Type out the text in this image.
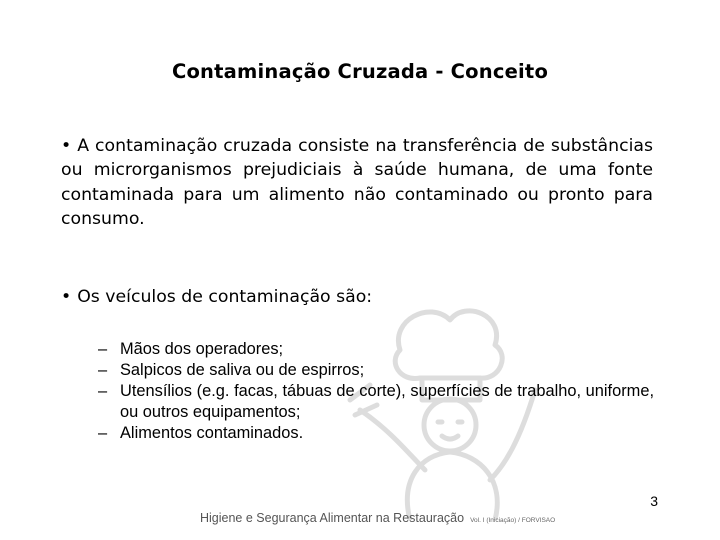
Contaminação Cruzada - Conceito

• A contaminação cruzada consiste na transferência de substâncias ou microrganismos prejudiciais à saúde humana, de uma fonte contaminada para um alimento não contaminado ou pronto para consumo.

• Os veículos de contaminação são:

– Mãos dos operadores;
– Salpicos de saliva ou de espirros;
– Utensílios (e.g. facas, tábuas de corte), superfícies de trabalho, uniforme, ou outros equipamentos;
– Alimentos contaminados.
3
Higiene e Segurança Alimentar na Restauração Vol. I (Iniciação) / FORVISAO
